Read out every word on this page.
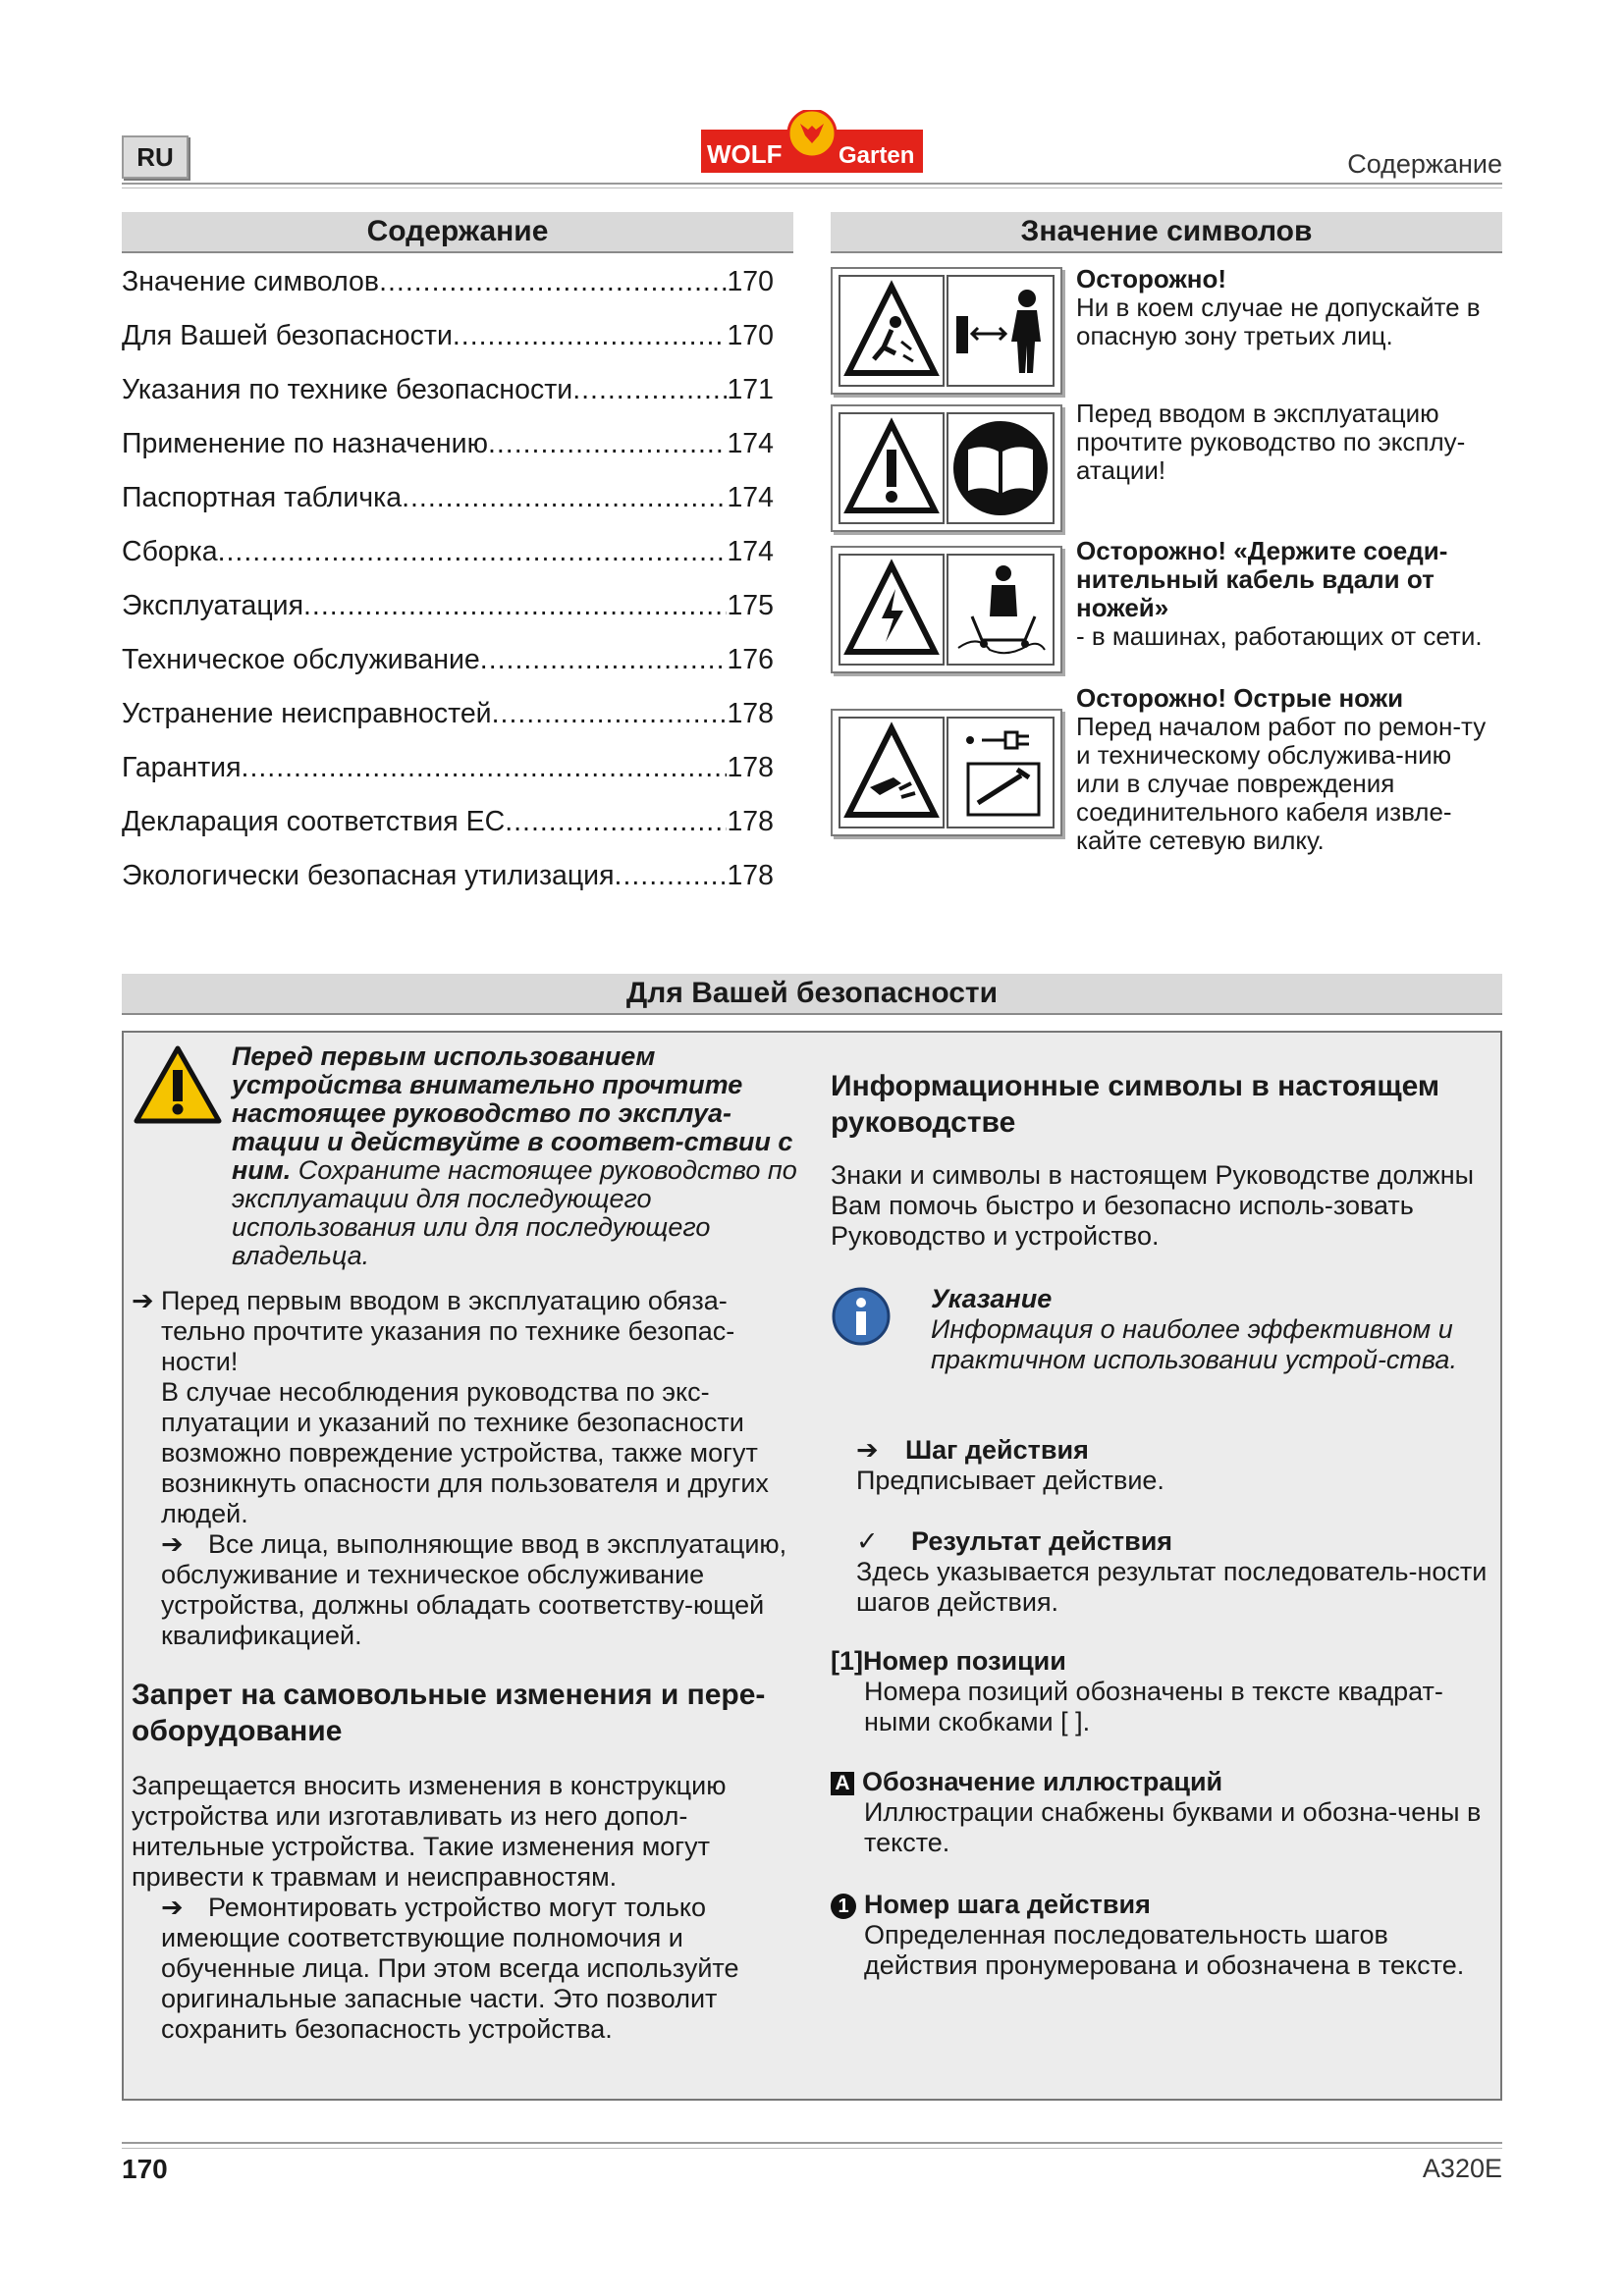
RU	WOLF Garten	Содержание
Содержание
Значение символов .....	170
Для Вашей безопасности .....	170
Указания по технике безопасности .....	171
Применение по назначению .....	174
Паспортная табличка .....	174
Сборка .....	174
Эксплуатация .....	175
Техническое обслуживание .....	176
Устранение неисправностей .....	178
Гарантия .....	178
Декларация соответствия ЕС .....	178
Экологически безопасная утилизация .....	178
Значение символов
Осторожно!
Ни в коем случае не допускайте в опасную зону третьих лиц.
Перед вводом в эксплуатацию прочтите руководство по эксплу-атации!
Осторожно! «Держите соеди-нительный кабель вдали от ножей»
- в машинах, работающих от сети.
Осторожно! Острые ножи
Перед началом работ по ремон-ту и техническому обслужива-нию или в случае повреждения соединительного кабеля извле-кайте сетевую вилку.
Для Вашей безопасности
Перед первым использованием устройства внимательно прочтите настоящее руководство по эксплуа-тации и действуйте в соответ-ствии с ним. Сохраните настоящее руководство по эксплуатации для последующего использования или для последующего владельца.
➔ Перед первым вводом в эксплуатацию обяза-тельно прочтите указания по технике безопас-ности!
В случае несоблюдения руководства по экс-плуатации и указаний по технике безопасности возможно повреждение устройства, также могут возникнуть опасности для пользователя и других людей.
➔ Все лица, выполняющие ввод в эксплуатацию, обслуживание и техническое обслуживание устройства, должны обладать соответству-ющей квалификацией.
Запрет на самовольные изменения и пере-оборудование
Запрещается вносить изменения в конструкцию устройства или изготавливать из него допол-нительные устройства. Такие изменения могут привести к травмам и неисправностям.
➔ Ремонтировать устройство могут только имеющие соответствующие полномочия и обученные лица. При этом всегда используйте оригинальные запасные части. Это позволит сохранить безопасность устройства.
Информационные символы в настоящем руководстве
Знаки и символы в настоящем Руководстве должны Вам помочь быстро и безопасно исполь-зовать Руководство и устройство.
Указание
Информация о наиболее эффективном и практичном использовании устрой-ства.
➔ Шаг действия
Предписывает действие.
✓ Результат действия
Здесь указывается результат последователь-ности шагов действия.
[1]Номер позиции
Номера позиций обозначены в тексте квадрат-ными скобками [ ].
A Обозначение иллюстраций
Иллюстрации снабжены буквами и обозна-чены в тексте.
1 Номер шага действия
Определенная последовательность шагов действия пронумерована и обозначена в тексте.
170	A320E
